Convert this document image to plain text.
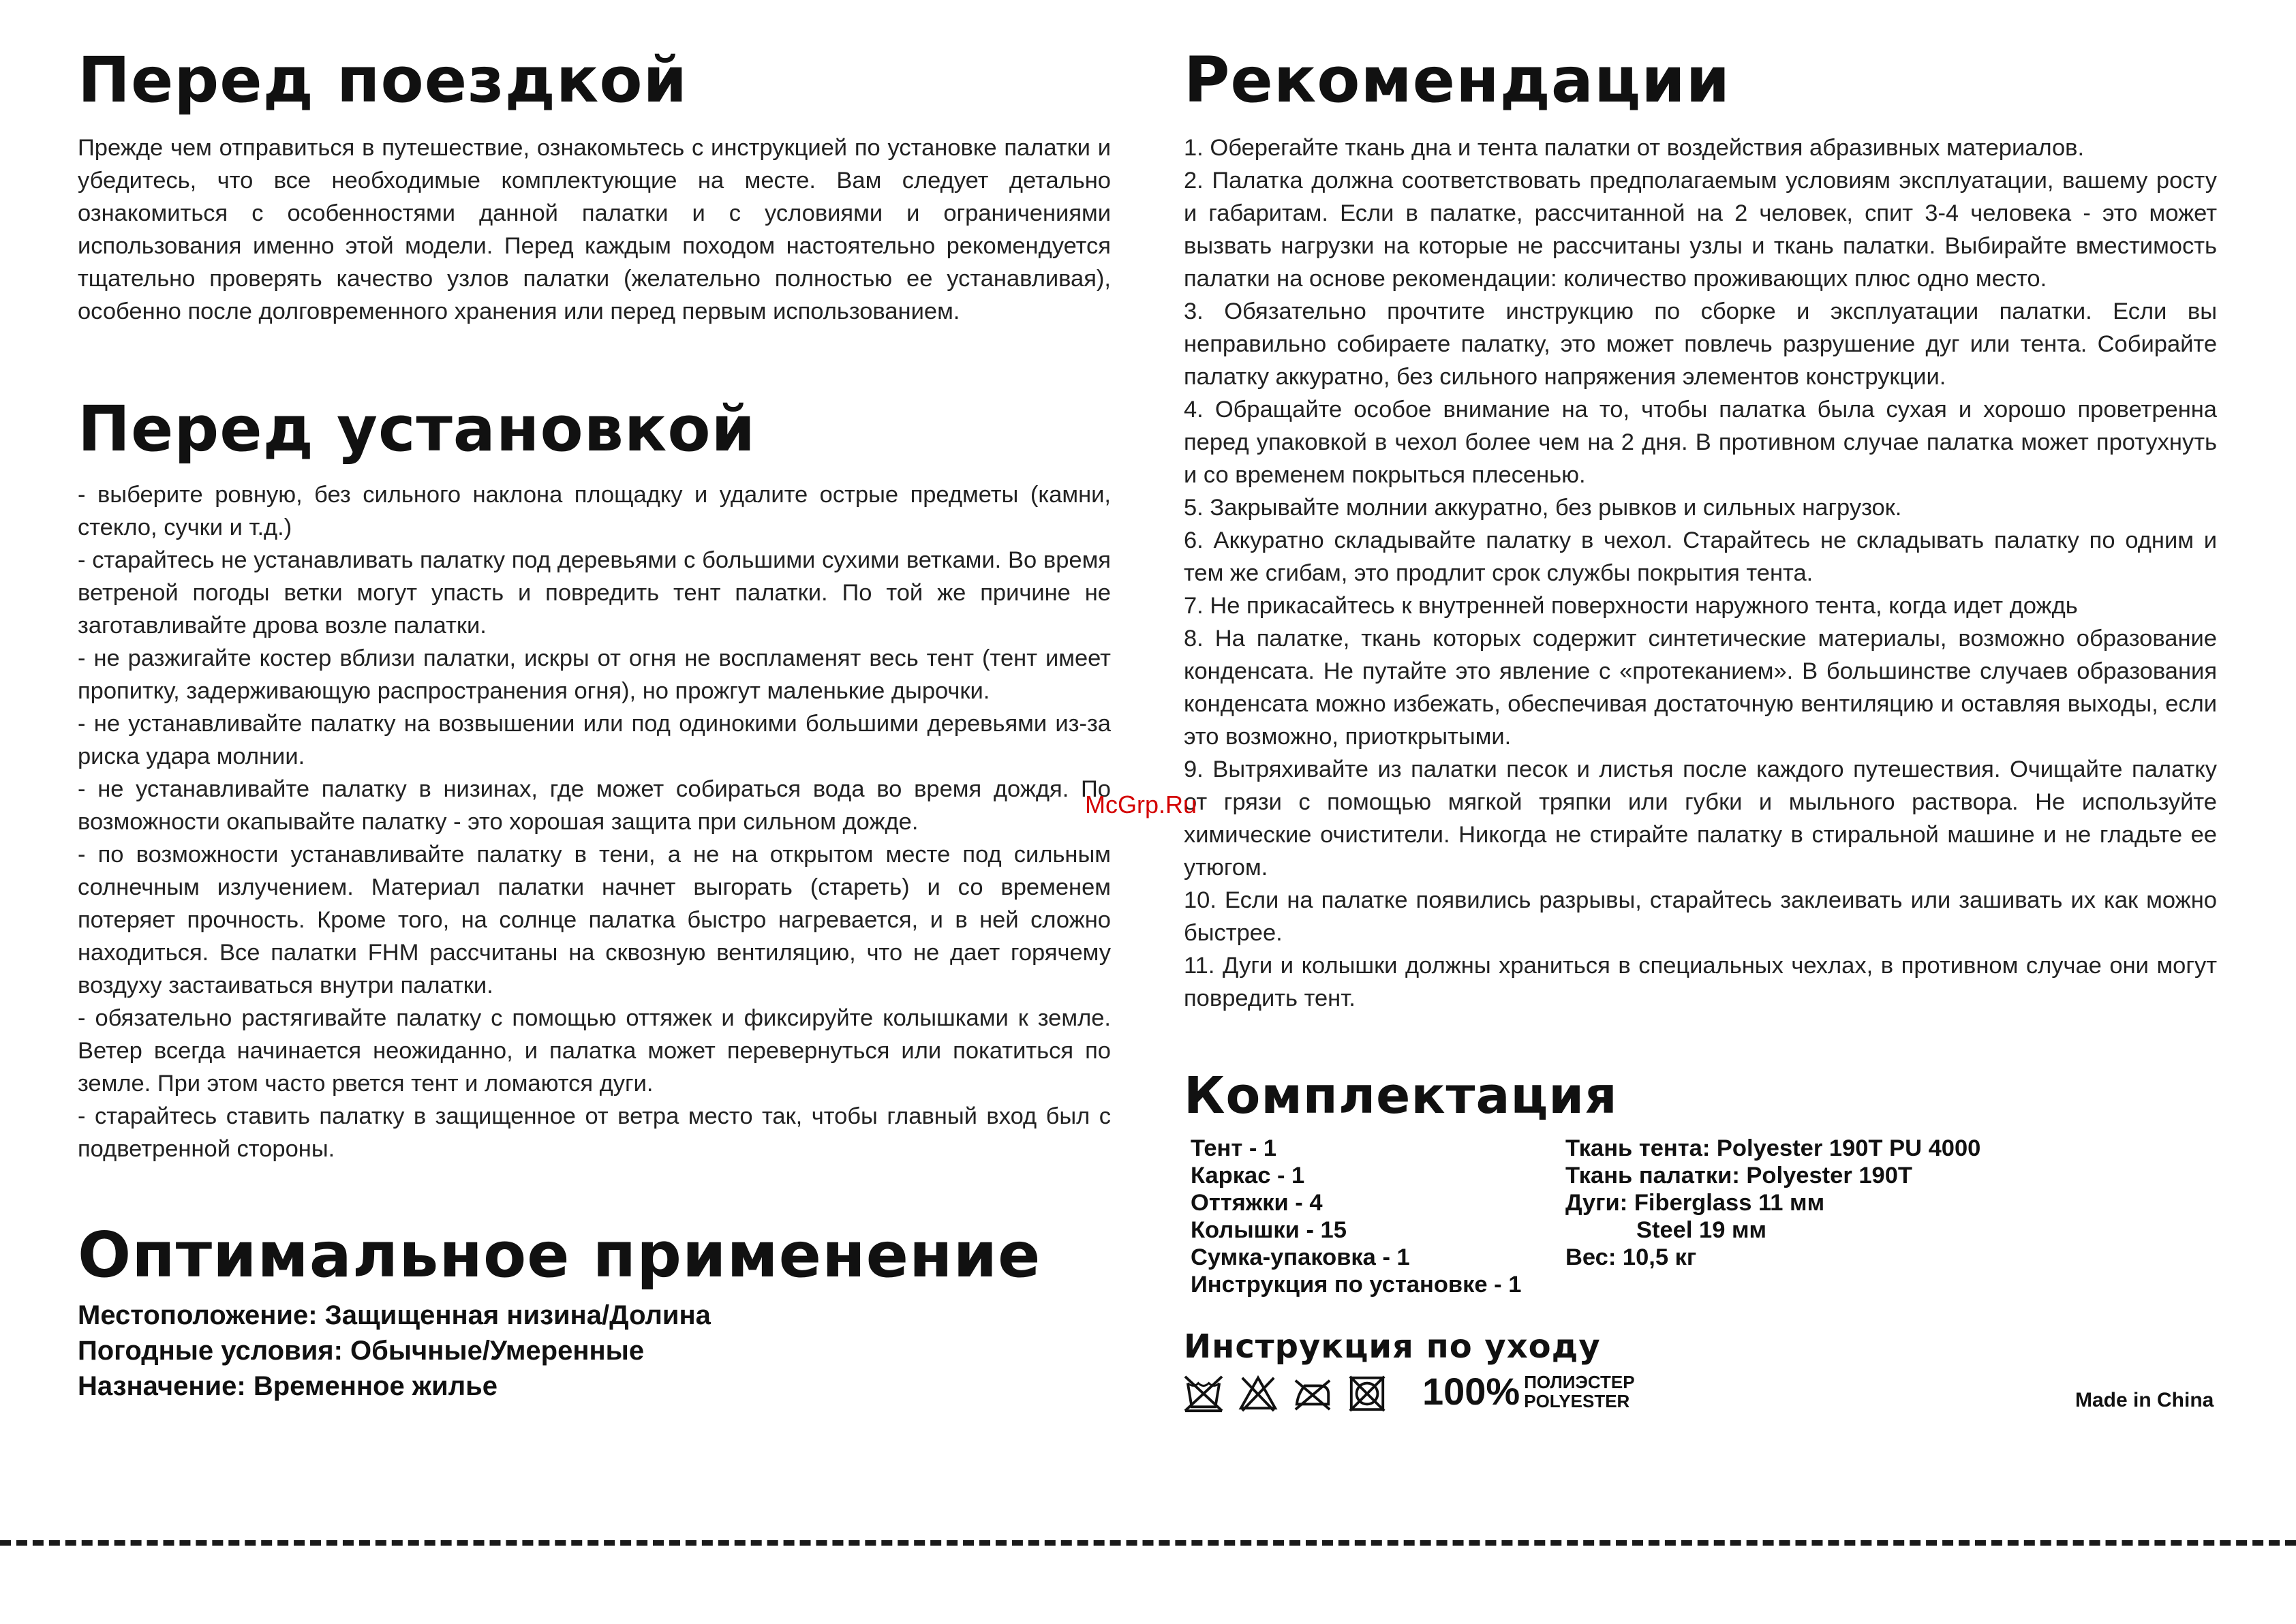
Перед поездкой

Прежде чем отправиться в путешествие, ознакомьтесь с инструкцией по установке палатки и убедитесь, что все необходимые комплектующие на месте. Вам следует детально ознакомиться с особенностями данной палатки и с условиями и ограничениями использования именно этой модели. Перед каждым походом настоятельно рекомендуется тщательно проверять качество узлов палатки (желательно полностью ее устанавливая), особенно после долговременного хранения или перед первым использованием.

Перед установкой
- выберите ровную, без сильного наклона площадку и удалите острые предметы (камни, стекло, сучки и т.д.)
- старайтесь не устанавливать палатку под деревьями с большими сухими ветками. Во время ветреной погоды ветки могут упасть и повредить тент палатки. По той же причине не заготавливайте дрова возле палатки.
- не разжигайте костер вблизи палатки, искры от огня не воспламенят весь тент (тент имеет пропитку, задерживающую распространения огня), но прожгут маленькие дырочки.
- не устанавливайте палатку на возвышении или под одинокими большими деревьями из-за риска удара молнии.
- не устанавливайте палатку в низинах, где может собираться вода во время дождя. По возможности окапывайте палатку - это хорошая защита при сильном дожде.
- по возможности устанавливайте палатку в тени, а не на открытом месте под сильным солнечным излучением. Материал палатки начнет выгорать (стареть) и со временем потеряет прочность. Кроме того, на солнце палатка быстро нагревается, и в ней сложно находиться. Все палатки FHM рассчитаны на сквозную вентиляцию, что не дает горячему воздуху застаиваться внутри палатки.
- обязательно растягивайте палатку с помощью оттяжек и фиксируйте колышками к земле. Ветер всегда начинается неожиданно, и палатка может перевернуться или покатиться по земле. При этом часто рвется тент и ломаются дуги.
- старайтесь ставить палатку в защищенное от ветра место так, чтобы главный вход был с подветренной стороны.
Оптимальное применение
Местоположение: Защищенная низина/Долина
Погодные условия: Обычные/Умеренные
Назначение: Временное жилье
Рекомендации
1. Оберегайте ткань дна и тента палатки от воздействия абразивных материалов.
2. Палатка должна соответствовать предполагаемым условиям эксплуатации, вашему росту и габаритам. Если в палатке, рассчитанной на 2 человек, спит 3-4 человека - это может вызвать нагрузки на которые не рассчитаны узлы и ткань палатки. Выбирайте вместимость палатки на основе рекомендации: количество проживающих плюс одно место.
3. Обязательно прочтите инструкцию по сборке и эксплуатации палатки. Если вы неправильно собираете палатку, это может повлечь разрушение дуг или тента. Собирайте палатку аккуратно, без сильного напряжения элементов конструкции.
4. Обращайте особое внимание на то, чтобы палатка была сухая и хорошо проветренна перед упаковкой в чехол более чем на 2 дня. В противном случае палатка может протухнуть и со временем покрыться плесенью.
5. Закрывайте молнии аккуратно, без рывков и сильных нагрузок.
6. Аккуратно складывайте палатку в чехол. Старайтесь не складывать палатку по одним и тем же сгибам, это продлит срок службы покрытия тента.
7. Не прикасайтесь к внутренней поверхности наружного тента, когда идет дождь
8. На палатке, ткань которых содержит синтетические материалы, возможно образование конденсата. Не путайте это явление с «протеканием». В большинстве случаев образования конденсата можно избежать, обеспечивая достаточную вентиляцию и оставляя выходы, если это возможно, приоткрытыми.
9. Вытряхивайте из палатки песок и листья после каждого путешествия. Очищайте палатку от грязи с помощью мягкой тряпки или губки и мыльного раствора. Не используйте химические очистители. Никогда не стирайте палатку в стиральной машине и не гладьте ее утюгом.
10. Если на палатке появились разрывы, старайтесь заклеивать или зашивать их как можно быстрее.
11. Дуги и колышки должны храниться в специальных чехлах, в противном случае они могут повредить тент.
Комплектация
Тент - 1
Каркас - 1
Оттяжки - 4
Колышки - 15
Сумка-упаковка - 1
Инструкция по установке - 1
Ткань тента: Polyester 190T PU 4000
Ткань палатки: Polyester 190T
Дуги: Fiberglass 11 мм
Steel 19 мм
Вес: 10,5 кг
Инструкция по уходу
100% ПОЛИЭСТЕР
POLYESTER	Made in China
McGrp.Ru
